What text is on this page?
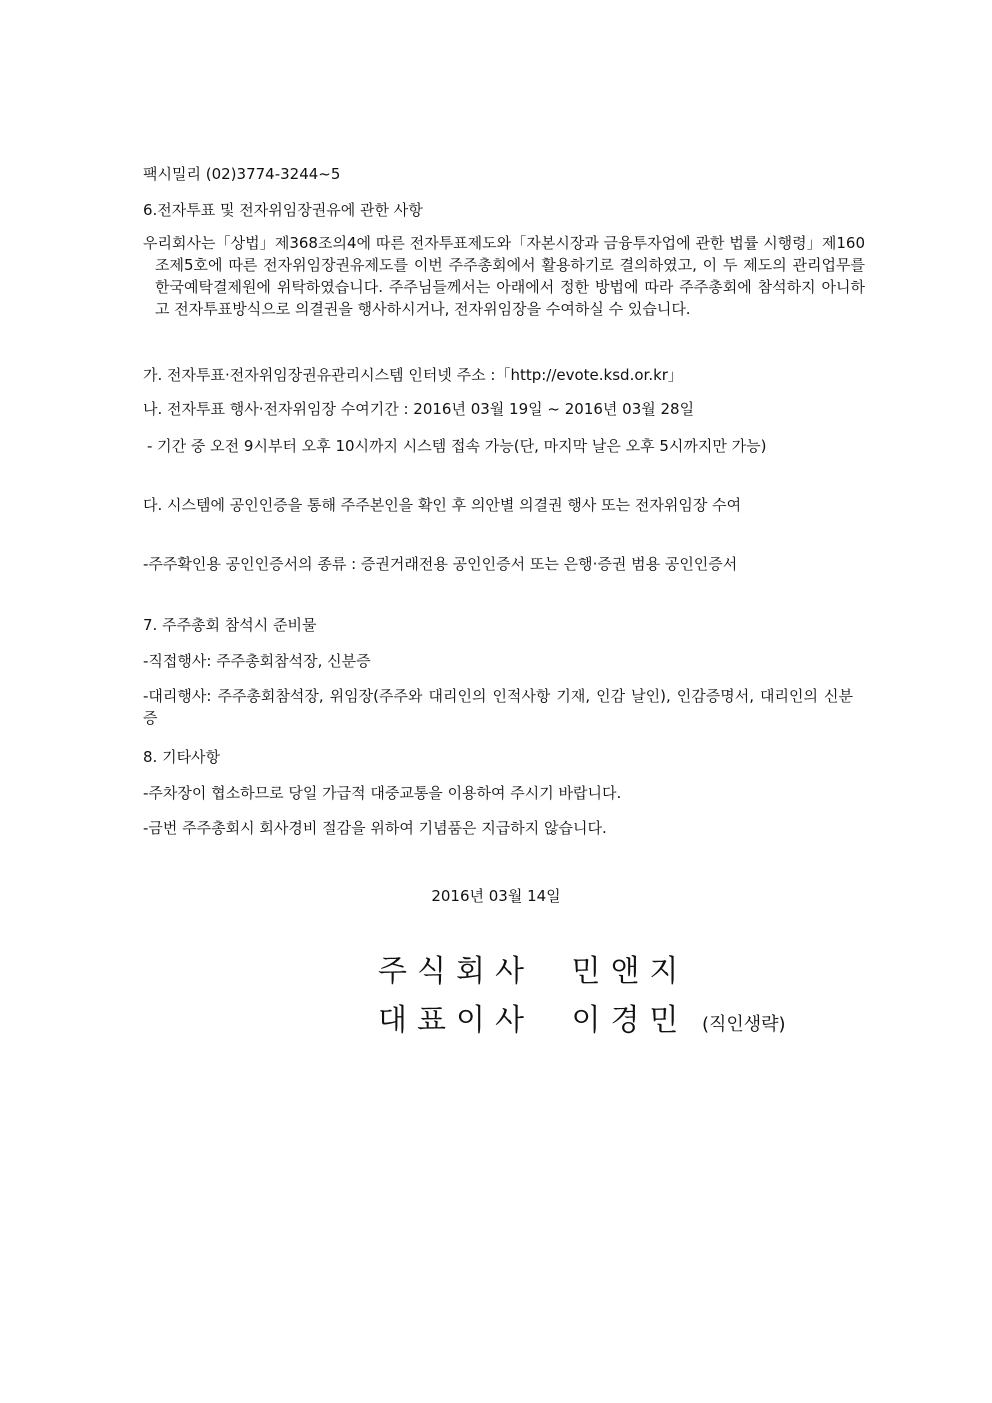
팩시밀리 (02)3774-3244~5

6.전자투표 및 전자위임장권유에 관한 사항

우리회사는「상법」제368조의4에 따른 전자투표제도와「자본시장과 금융투자업에 관한 법률 시행령」제160조제5호에 따른 전자위임장권유제도를 이번 주주총회에서 활용하기로 결의하였고, 이 두 제도의 관리업무를 한국예탁결제원에 위탁하였습니다. 주주님들께서는 아래에서 정한 방법에 따라 주주총회에 참석하지 아니하고 전자투표방식으로 의결권을 행사하시거나, 전자위임장을 수여하실 수 있습니다.

가. 전자투표·전자위임장권유관리시스템 인터넷 주소 :「http://evote.ksd.or.kr」

나. 전자투표 행사·전자위임장 수여기간 : 2016년 03월 19일 ~ 2016년 03월 28일

- 기간 중 오전 9시부터 오후 10시까지 시스템 접속 가능(단, 마지막 날은 오후 5시까지만 가능)

다. 시스템에 공인인증을 통해 주주본인을 확인 후 의안별 의결권 행사 또는 전자위임장 수여

-주주확인용 공인인증서의 종류 : 증권거래전용 공인인증서 또는 은행·증권 범용 공인인증서

7. 주주총회 참석시 준비물

-직접행사: 주주총회참석장, 신분증

-대리행사: 주주총회참석장, 위임장(주주와 대리인의 인적사항 기재, 인감 날인), 인감증명서, 대리인의 신분증

8. 기타사항

-주차장이 협소하므로 당일 가급적 대중교통을 이용하여 주시기 바랍니다.

-금번 주주총회시 회사경비 절감을 위하여 기념품은 지급하지 않습니다.

2016년 03월 14일
주식회사 민앤지
대표이사 이경민 (직인생략)
